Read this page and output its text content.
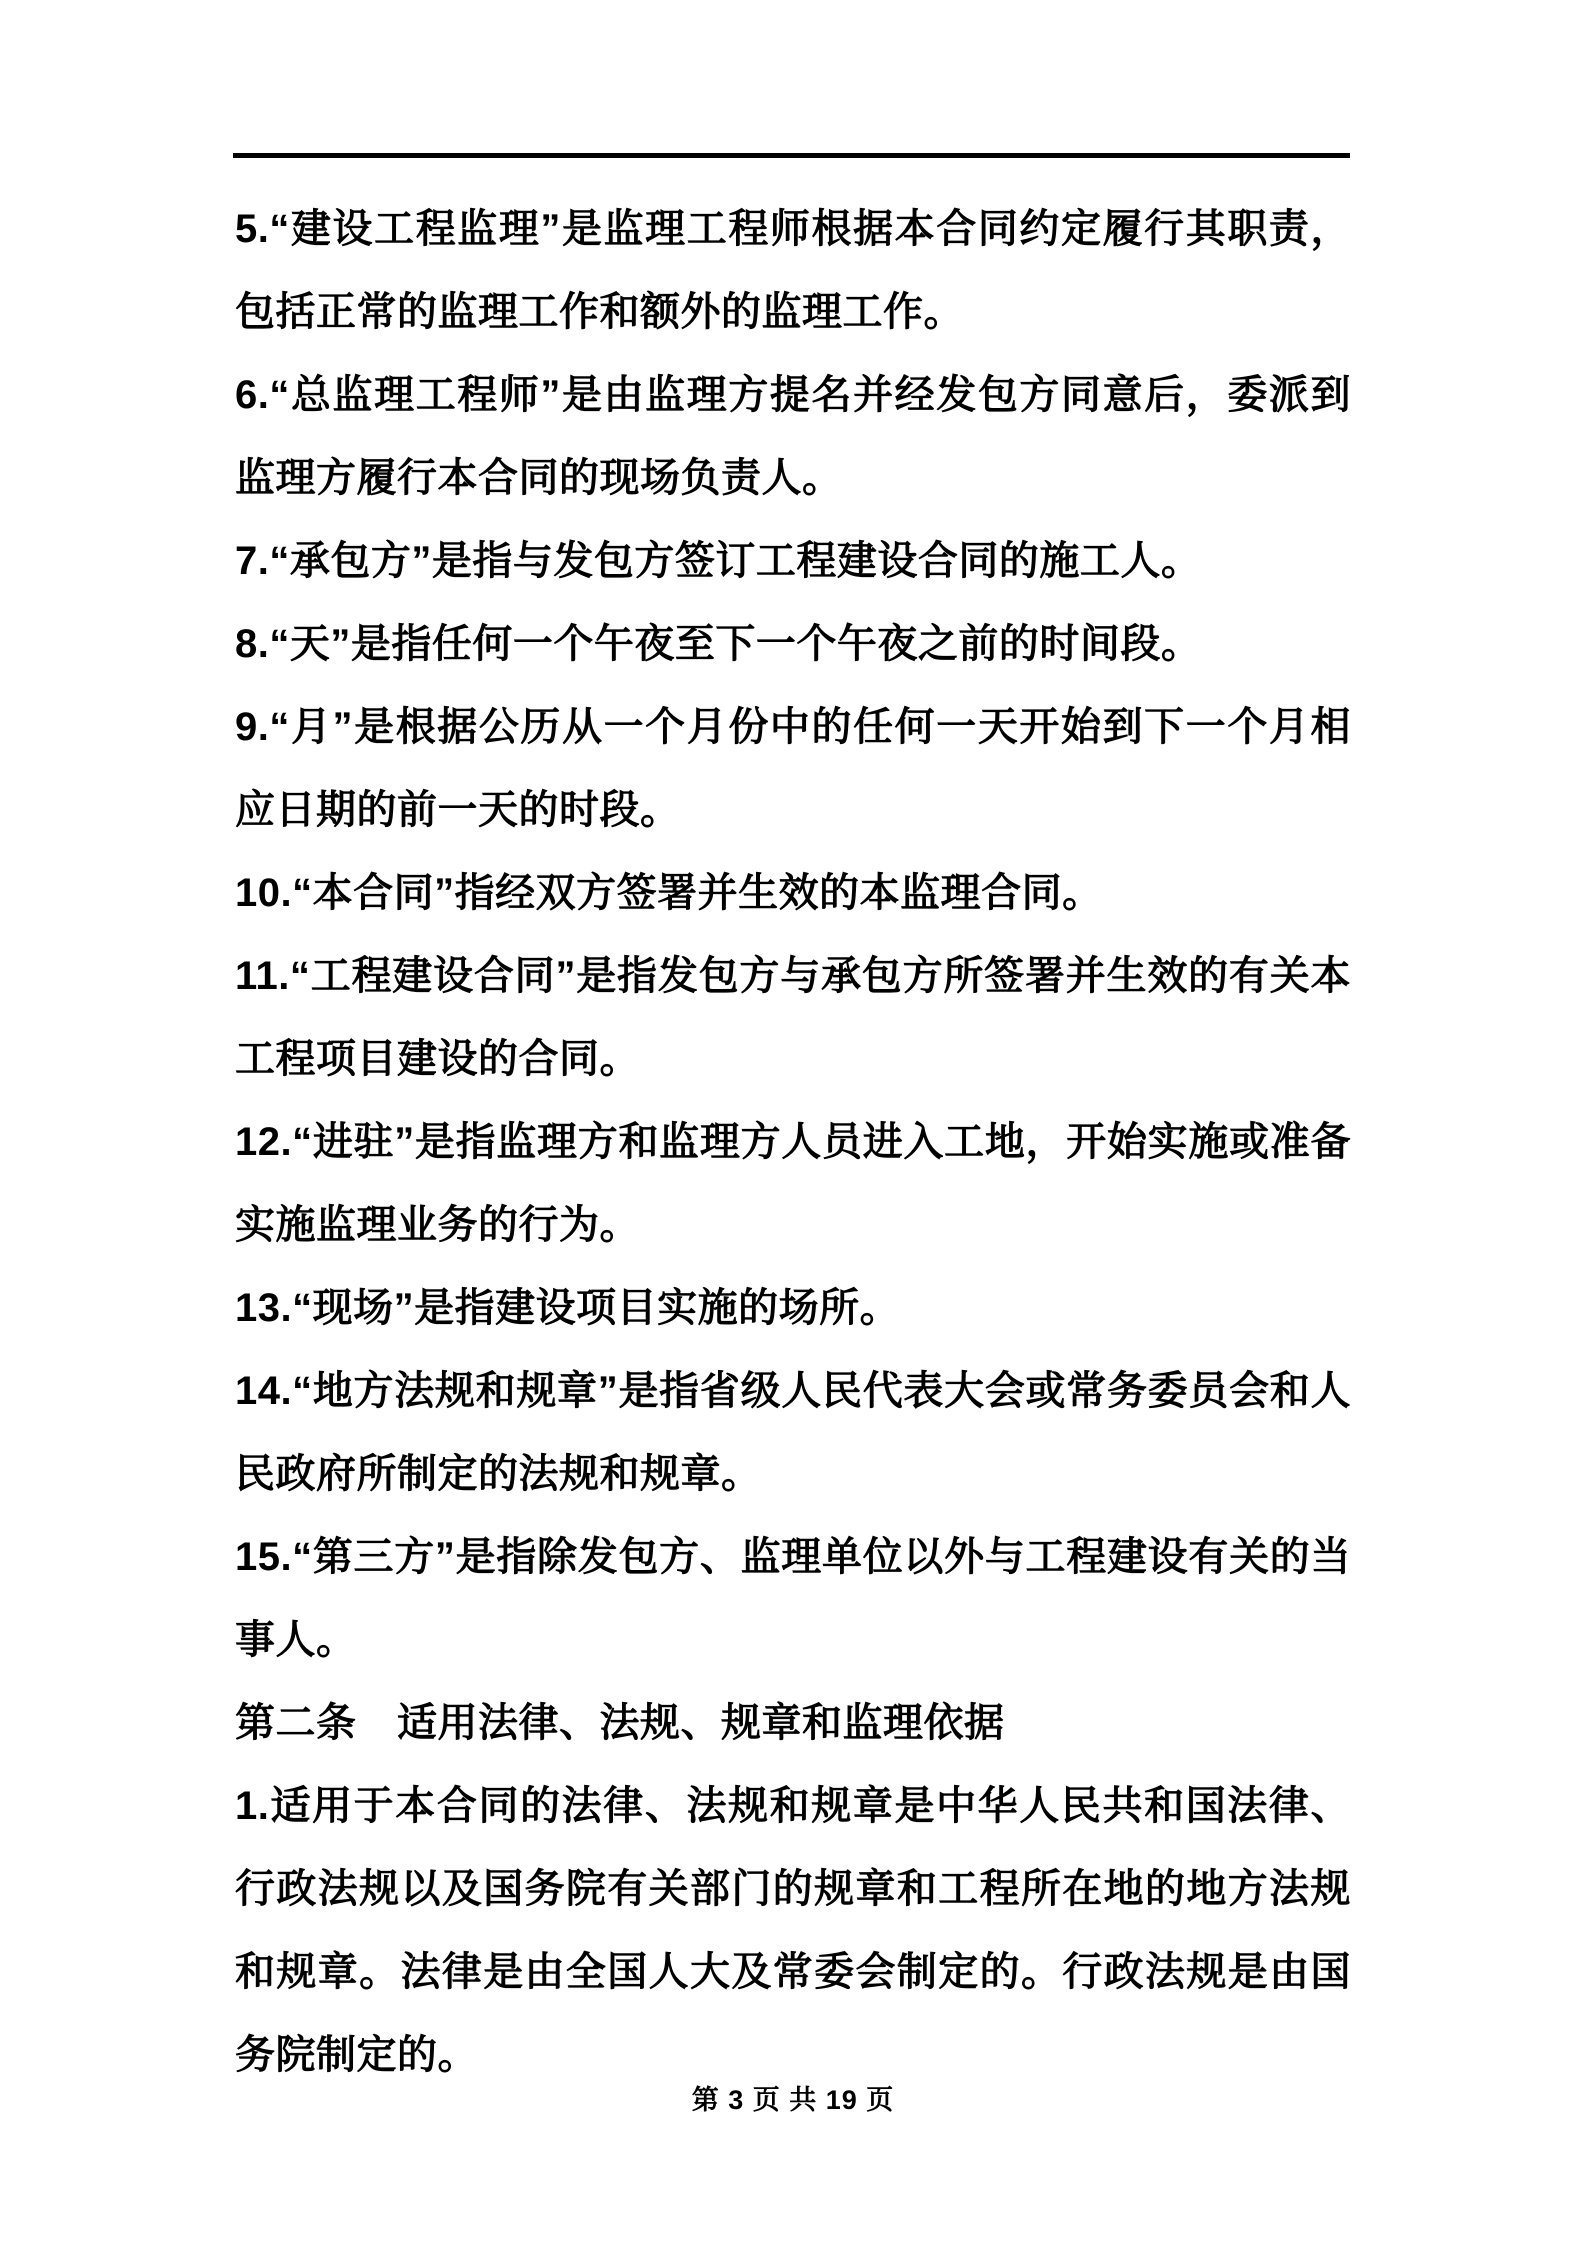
5.“建设工程监理”是监理工程师根据本合同约定履行其职责，包括正常的监理工作和额外的监理工作。

6.“总监理工程师”是由监理方提名并经发包方同意后，委派到监理方履行本合同的现场负责人。

7.“承包方”是指与发包方签订工程建设合同的施工人。

8.“天”是指任何一个午夜至下一个午夜之前的时间段。

9.“月”是根据公历从一个月份中的任何一天开始到下一个月相应日期的前一天的时段。

10.“本合同”指经双方签署并生效的本监理合同。

11.“工程建设合同”是指发包方与承包方所签署并生效的有关本工程项目建设的合同。

12.“进驻”是指监理方和监理方人员进入工地，开始实施或准备实施监理业务的行为。

13.“现场”是指建设项目实施的场所。

14.“地方法规和规章”是指省级人民代表大会或常务委员会和人民政府所制定的法规和规章。

15.“第三方”是指除发包方、监理单位以外与工程建设有关的当事人。

第二条　适用法律、法规、规章和监理依据

1.适用于本合同的法律、法规和规章是中华人民共和国法律、行政法规以及国务院有关部门的规章和工程所在地的地方法规和规章。法律是由全国人大及常委会制定的。行政法规是由国务院制定的。

第 3 页 共 19 页
